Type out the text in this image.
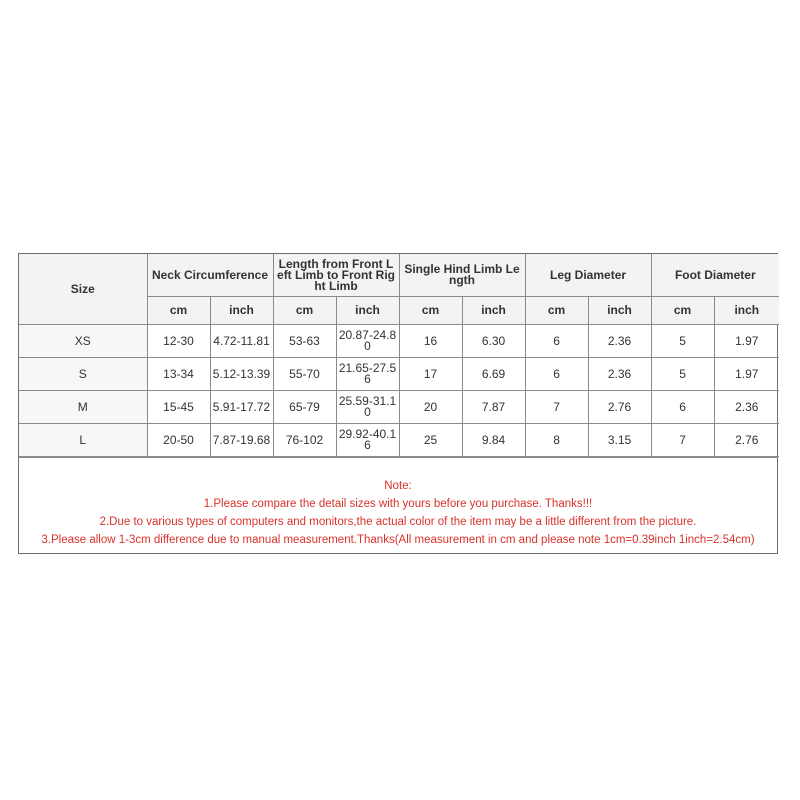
Size	Neck Circumference		Length from Front Left Limb to Front Right Limb		Single Hind Limb Length		Leg Diameter		Foot Diameter	
	cm	inch	cm	inch	cm	inch	cm	inch	cm	inch
XS	12-30	4.72-11.81	53-63	20.87-24.80	16	6.30	6	2.36	5	1.97
S	13-34	5.12-13.39	55-70	21.65-27.56	17	6.69	6	2.36	5	1.97
M	15-45	5.91-17.72	65-79	25.59-31.10	20	7.87	7	2.76	6	2.36
L	20-50	7.87-19.68	76-102	29.92-40.16	25	9.84	8	3.15	7	2.76
Note:
1.Please compare the detail sizes with yours before you purchase. Thanks!!!
2.Due to various types of computers and monitors,the actual color of the item may be a little different from the picture.
3.Please allow 1-3cm difference due to manual measurement.Thanks(All measurement in cm and please note 1cm=0.39inch 1inch=2.54cm)
